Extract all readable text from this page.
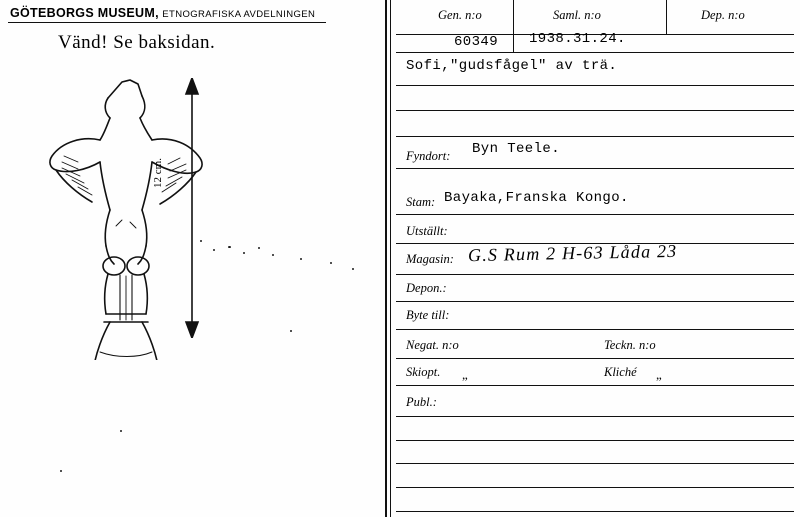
GÖTEBORGS MUSEUM, ETNOGRAFISKA AVDELNINGEN
Vänd! Se baksidan.
12 cm.
Gen. n:o	Saml. n:o	Dep. n:o
60349 1938.31.24.
Sofi,"gudsfågel" av trä.
Fyndort: Byn Teele.
Stam: Bayaka,Franska Kongo.
Utställt:
Magasin: G.S Rum 2 H-63 Låda 23
Depon.:
Byte till:
Negat. n:o	Teckn. n:o
Skiopt. „	Kliché „
Publ.:
